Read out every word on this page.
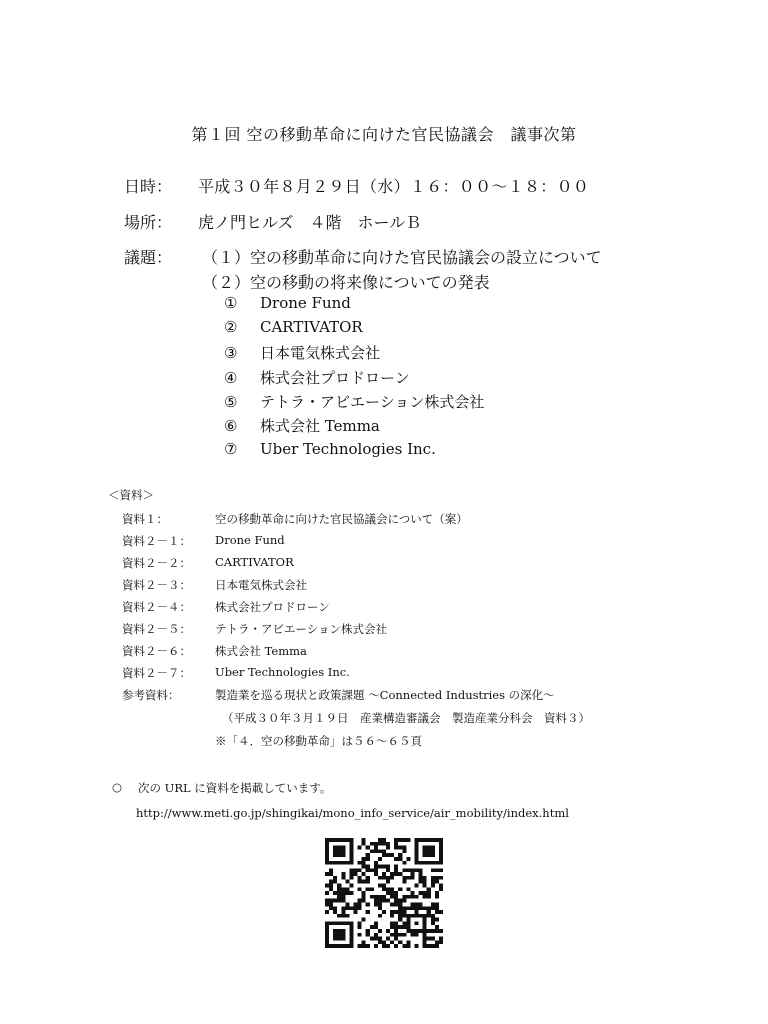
第１回 空の移動革命に向けた官民協議会　議事次第
日時： 平成３０年８月２９日（水）１６：００～１８：００
場所： 虎ノ門ヒルズ　４階　ホールＢ
議題： （１）空の移動革命に向けた官民協議会の設立について
（２）空の移動の将来像についての発表
① Drone Fund
② CARTIVATOR
③ 日本電気株式会社
④ 株式会社プロドローン
⑤ テトラ・アビエーション株式会社
⑥ 株式会社 Temma
⑦ Uber Technologies Inc.
＜資料＞
資料１：	空の移動革命に向けた官民協議会について（案）
資料２－１： Drone Fund
資料２－２： CARTIVATOR
資料２－３： 日本電気株式会社
資料２－４： 株式会社プロドローン
資料２－５： テトラ・アビエーション株式会社
資料２－６： 株式会社 Temma
資料２－７： Uber Technologies Inc.
参考資料：	製造業を巡る現状と政策課題 ～Connected Industries の深化～
（平成３０年３月１９日　産業構造審議会　製造産業分科会　資料３）
※「４．空の移動革命」は５６～６５頁
○ 次の URL に資料を掲載しています。
http://www.meti.go.jp/shingikai/mono_info_service/air_mobility/index.html
